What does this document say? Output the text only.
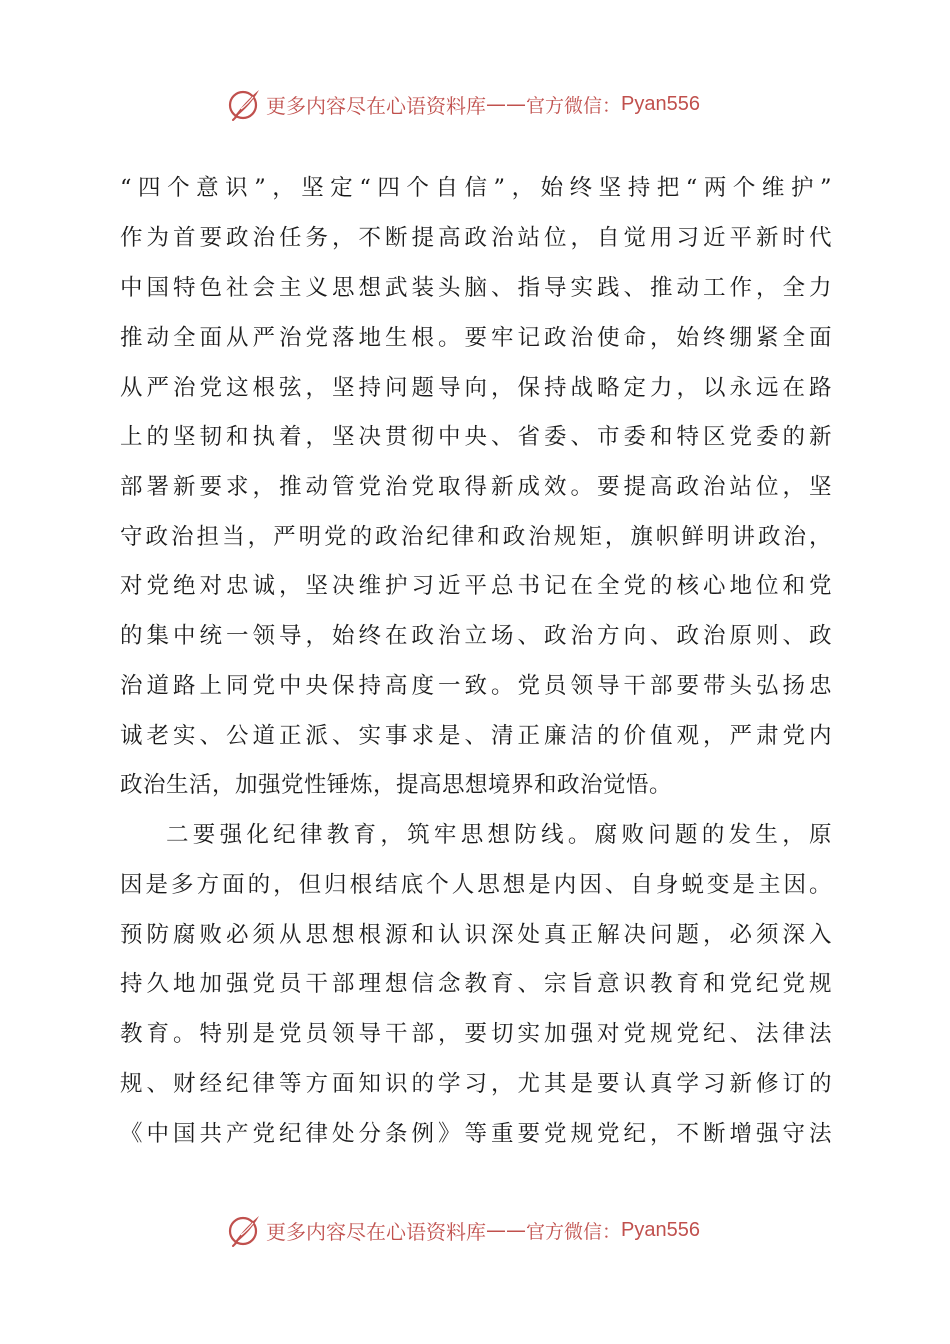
更多内容尽在心语资料库 —— 官方微信： Pyan556
“四个意识”，坚定“四个自信”，始终坚持把“两个维护”
作为首要政治任务，不断提高政治站位，自觉用习近平新时代
中国特色社会主义思想武装头脑、指导实践、推动工作，全力
推动全面从严治党落地生根。要牢记政治使命，始终绷紧全面
从严治党这根弦，坚持问题导向，保持战略定力，以永远在路
上的坚韧和执着，坚决贯彻中央、省委、市委和特区党委的新
部署新要求，推动管党治党取得新成效。要提高政治站位，坚
守政治担当，严明党的政治纪律和政治规矩，旗帜鲜明讲政治，
对党绝对忠诚，坚决维护习近平总书记在全党的核心地位和党
的集中统一领导，始终在政治立场、政治方向、政治原则、政
治道路上同党中央保持高度一致。党员领导干部要带头弘扬忠
诚老实、公道正派、实事求是、清正廉洁的价值观，严肃党内
政治生活，加强党性锤炼，提高思想境界和政治觉悟。
二要强化纪律教育，筑牢思想防线。腐败问题的发生，原
因是多方面的，但归根结底个人思想是内因、自身蜕变是主因。
预防腐败必须从思想根源和认识深处真正解决问题，必须深入
持久地加强党员干部理想信念教育、宗旨意识教育和党纪党规
教育。特别是党员领导干部，要切实加强对党规党纪、法律法
规、财经纪律等方面知识的学习，尤其是要认真学习新修订的
《中国共产党纪律处分条例》等重要党规党纪，不断增强守法
更多内容尽在心语资料库 —— 官方微信： Pyan556
